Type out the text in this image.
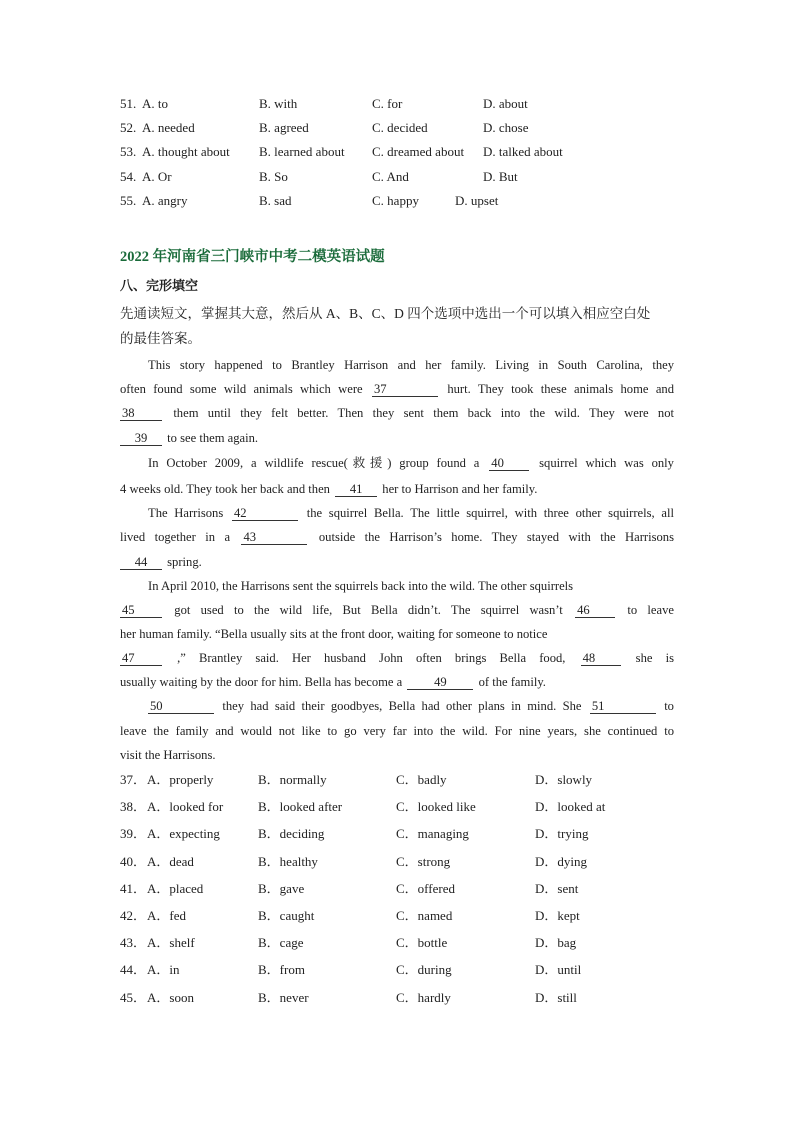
51. A. to	B. with	C. for	D. about
52. A. needed	B. agreed	C. decided	D. chose
53. A. thought about B. learned about C. dreamed about D. talked about
54. A. Or	B. So	C. And	D. But
55. A. angry	B. sad	C. happy	D. upset
2022 年河南省三门峡市中考二模英语试题
八、完形填空
先通读短文，掌握其大意，然后从 A、B、C、D 四个选项中选出一个可以填入相应空白处
的最佳答案。
This story happened to Brantley Harrison and her family. Living in South Carolina, they
often found some wild animals which were 37	hurt. They took these animals home and
38	them until they felt better. Then they sent them back into the wild. They were not
39 to see them again.
In October 2009, a wildlife rescue(救援) group found a 40	squirrel which was only
4 weeks old. They took her back and then 41 her to Harrison and her family.
The Harrisons 42	the squirrel Bella. The little squirrel, with three other squirrels, all
lived together in a 43	outside the Harrison’s home. They stayed with the Harrisons
44 spring.
In April 2010, the Harrisons sent the squirrels back into the wild. The other squirrels
45	got used to the wild life, But Bella didn’t. The squirrel wasn’t 46	to leave
her human family. “Bella usually sits at the front door, waiting for someone to notice
47	,” Brantley said. Her husband John often brings Bella food, 48	she is
usually waiting by the door for him. Bella has become a	49	of the family.
50	they had said their goodbyes, Bella had other plans in mind. She 51	to
leave the family and would not like to go very far into the wild. For nine years, she continued to
visit the Harrisons.
37． A．properly	B．normally	C．badly	D．slowly
38． A．looked for	B．looked after	C．looked like	D．looked at
39． A．expecting	B．deciding	C．managing	D．trying
40． A．dead	B．healthy	C．strong	D．dying
41． A．placed	B．gave	C．offered	D．sent
42． A．fed	B．caught	C．named	D．kept
43． A．shelf	B．cage	C．bottle	D．bag
44． A．in	B．from	C．during	D．until
45． A．soon	B．never	C．hardly	D．still
